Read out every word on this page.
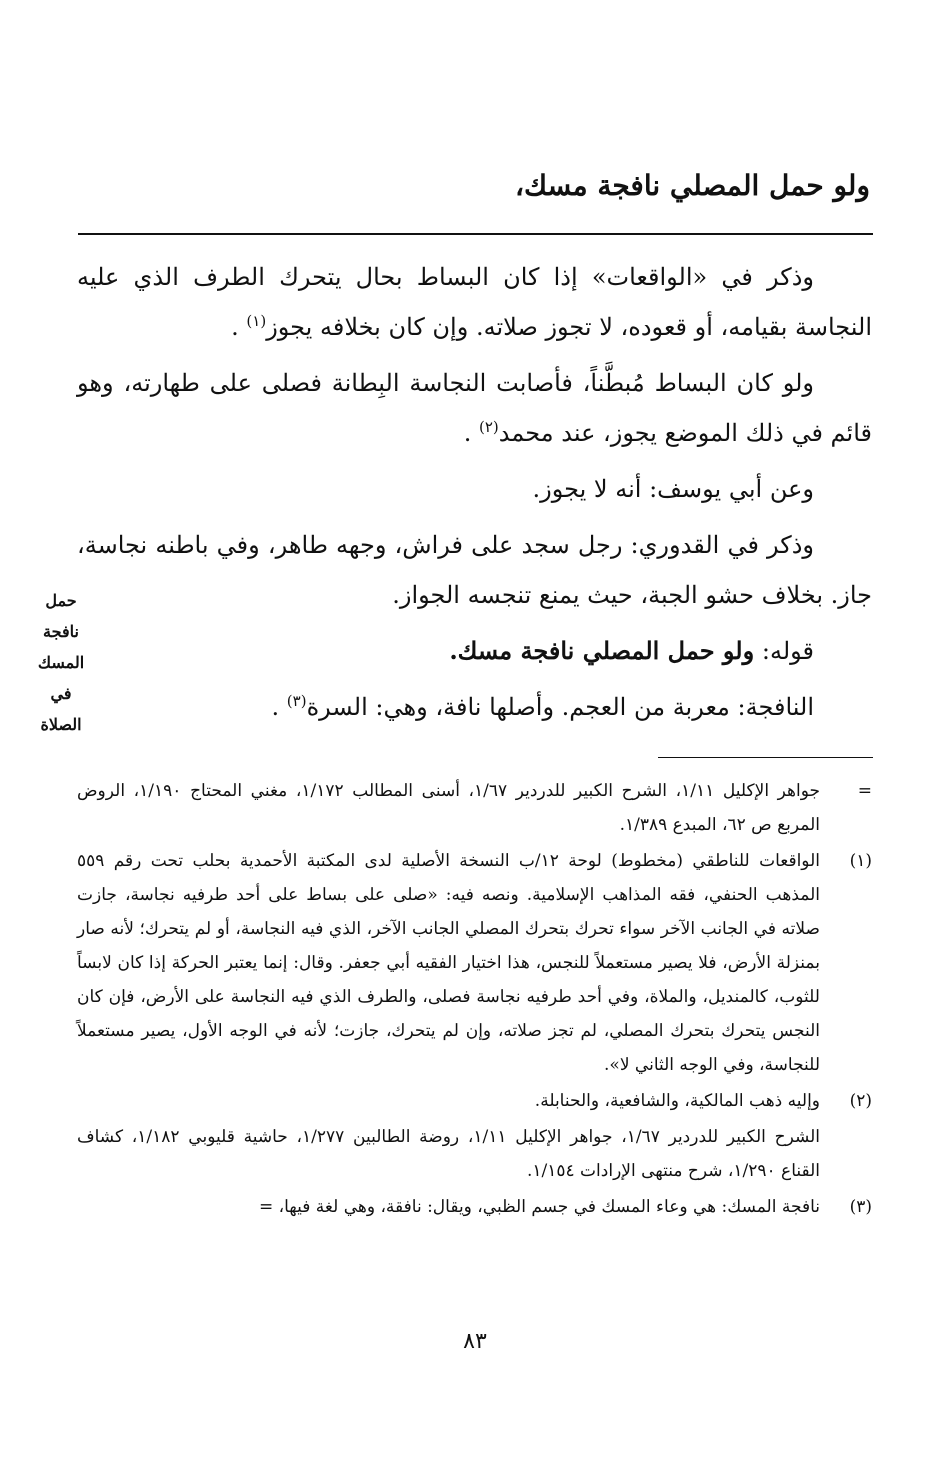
ولو حمل المصلي نافجة مسك،

وذكر في «الواقعات» إذا كان البساط بحال يتحرك الطرف الذي عليه النجاسة بقيامه، أو قعوده، لا تجوز صلاته. وإن كان بخلافه يجوز$^{(١)}$ .

ولو كان البساط مُبطَّناً، فأصابت النجاسة البِطانة فصلى على طهارته، وهو قائم في ذلك الموضع يجوز، عند محمد$^{(٢)}$ .

وعن أبي يوسف: أنه لا يجوز.

وذكر في القدوري: رجل سجد على فراش، وجهه طاهر، وفي باطنه نجاسة، جاز. بخلاف حشو الجبة، حيث يمنع تنجسه الجواز.

قوله: ولو حمل المصلي نافجة مسك.

النافجة: معربة من العجم. وأصلها نافة، وهي: السرة$^{(٣)}$ .

حمل
نافجة
المسك
في
الصلاة
=
جواهر الإكليل ١/١١، الشرح الكبير للدردير ١/٦٧، أسنى المطالب ١/١٧٢، مغني المحتاج ١/١٩٠، الروض المربع ص ٦٢، المبدع ١/٣٨٩.
(١)
الواقعات للناطقي (مخطوط) لوحة ١٢/ب النسخة الأصلية لدى المكتبة الأحمدية بحلب تحت رقم ٥٥٩ المذهب الحنفي، فقه المذاهب الإسلامية. ونصه فيه: «صلى على بساط على أحد طرفيه نجاسة، جازت صلاته في الجانب الآخر سواء تحرك بتحرك المصلي الجانب الآخر، الذي فيه النجاسة، أو لم يتحرك؛ لأنه صار بمنزلة الأرض، فلا يصير مستعملاً للنجس، هذا اختيار الفقيه أبي جعفر. وقال: إنما يعتبر الحركة إذا كان لابساً للثوب، كالمنديل، والملاة، وفي أحد طرفيه نجاسة فصلى، والطرف الذي فيه النجاسة على الأرض، فإن كان النجس يتحرك بتحرك المصلي، لم تجز صلاته، وإن لم يتحرك، جازت؛ لأنه في الوجه الأول، يصير مستعملاً للنجاسة، وفي الوجه الثاني لا».
(٢)
وإليه ذهب المالكية، والشافعية، والحنابلة.
الشرح الكبير للدردير ١/٦٧، جواهر الإكليل ١/١١، روضة الطالبين ١/٢٧٧، حاشية قليوبي ١/١٨٢، كشاف القناع ١/٢٩٠، شرح منتهى الإرادات ١/١٥٤.
(٣)
نافجة المسك: هي وعاء المسك في جسم الظبي، ويقال: نافقة، وهي لغة فيها، =
٨٣
